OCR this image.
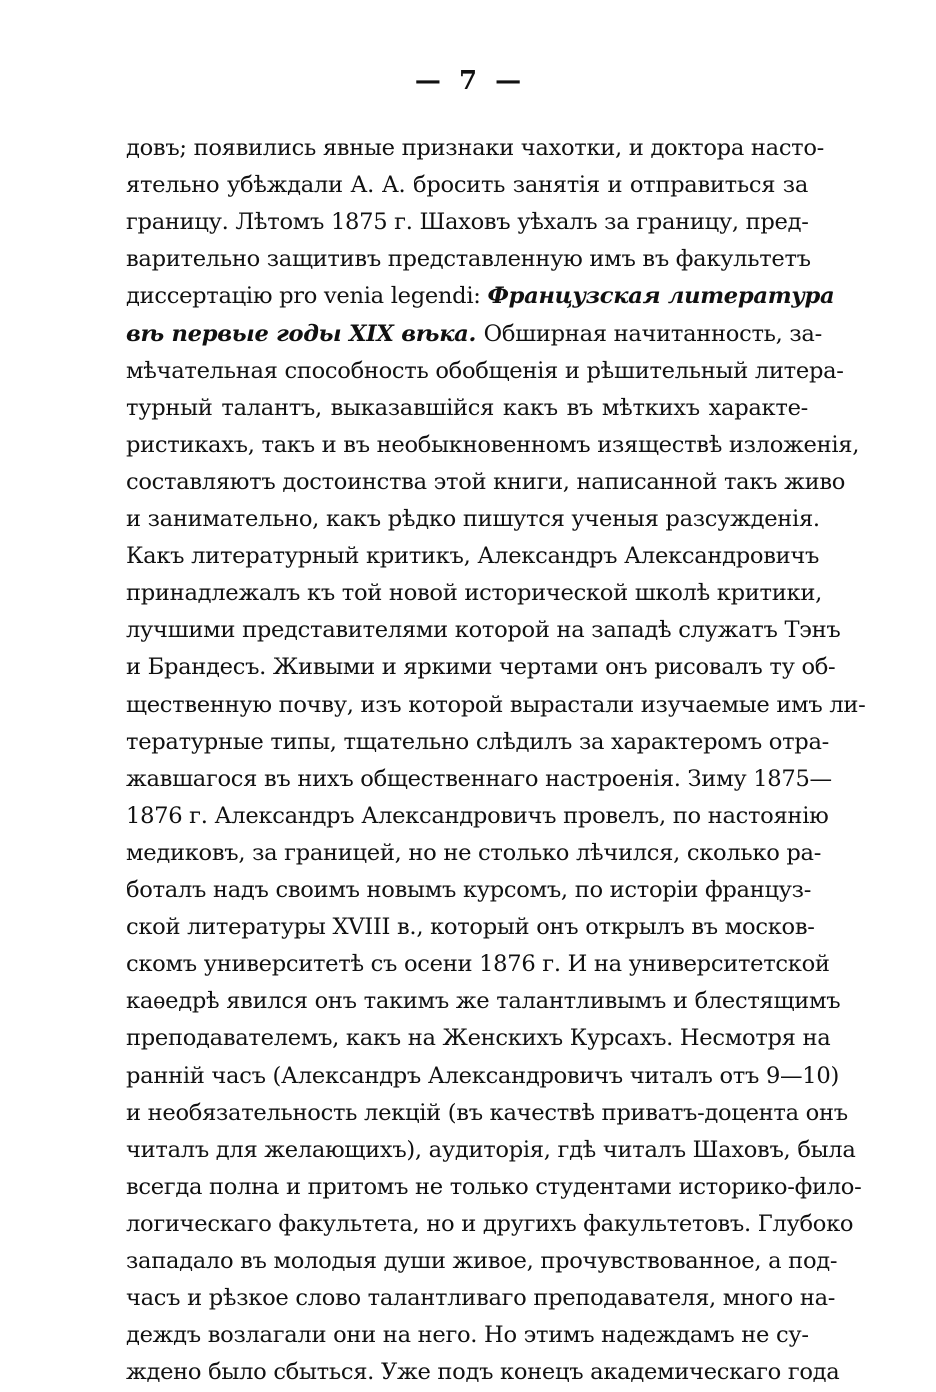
—  7  —
довъ; появились явные признаки чахотки, и доктора насто-
ятельно убѣждали А. А. бросить занятія и отправиться за
границу. Лѣтомъ 1875 г. Шаховъ уѣхалъ за границу, пред-
варительно защитивъ представленную имъ въ факультетъ
диссертацію pro venia legendi: Французская литература
вѣ первые годы XIX вѣка. Обширная начитанность, за-
мѣчательная способность обобщенія и рѣшительный литера-
турный талантъ, выказавшійся какъ въ мѣткихъ характе-
ристикахъ, такъ и въ необыкновенномъ изяществѣ изложенія,
составляютъ достоинства этой книги, написанной такъ живо
и занимательно, какъ рѣдко пишутся ученыя разсужденія.
Какъ литературный критикъ, Александръ Александровичъ
принадлежалъ къ той новой исторической школѣ критики,
лучшими представителями которой на западѣ служатъ Тэнъ
и Брандесъ. Живыми и яркими чертами онъ рисовалъ ту об-
щественную почву, изъ которой вырастали изучаемые имъ ли-
тературные типы, тщательно слѣдилъ за характеромъ отра-
жавшагося въ нихъ общественнаго настроенія. Зиму 1875—
1876 г. Александръ Александровичъ провелъ, по настоянію
медиковъ, за границей, но не столько лѣчился, сколько ра-
боталъ надъ своимъ новымъ курсомъ, по исторіи француз-
ской литературы XVIII в., который онъ открылъ въ москов-
скомъ университетѣ съ осени 1876 г. И на университетской
каѳедрѣ явился онъ такимъ же талантливымъ и блестящимъ
преподавателемъ, какъ на Женскихъ Курсахъ. Несмотря на
ранній часъ (Александръ Александровичъ читалъ отъ 9—10)
и необязательность лекцій (въ качествѣ приватъ-доцента онъ
читалъ для желающихъ), аудиторія, гдѣ читалъ Шаховъ, была
всегда полна и притомъ не только студентами историко-фило-
логическаго факультета, но и другихъ факультетовъ. Глубоко
западало въ молодыя души живое, прочувствованное, а под-
часъ и рѣзкое слово талантливаго преподавателя, много на-
деждъ возлагали они на него. Но этимъ надеждамъ не су-
ждено было сбыться. Уже подъ конецъ академическаго года
